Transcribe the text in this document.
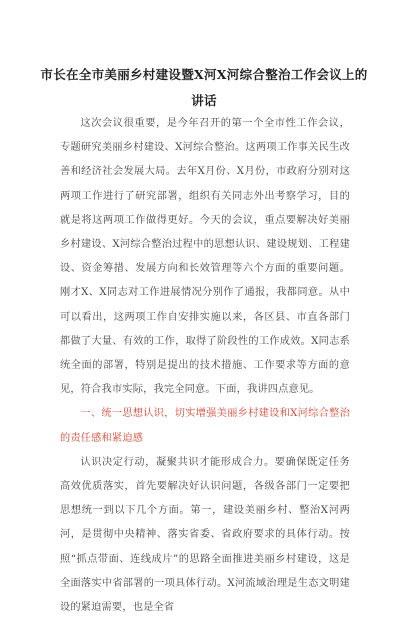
市长在全市美丽乡村建设暨X河X河综合整治工作会议上的
讲话

这次会议很重要，是今年召开的第一个全市性工作会议，专题研究美丽乡村建设、X河综合整治。这两项工作事关民生改善和经济社会发展大局。去年X月份、X月份，市政府分别对这两项工作进行了研究部署，组织有关同志外出考察学习，目的就是将这两项工作做得更好。今天的会议，重点要解决好美丽乡村建设、X河综合整治过程中的思想认识、建设规划、工程建设、资金筹措、发展方向和长效管理等六个方面的重要问题。刚才X、X同志对工作进展情况分别作了通报，我都同意。从中可以看出，这两项工作自安排实施以来，各区县、市直各部门都做了大量、有效的工作，取得了阶段性的工作成效。X同志系统全面的部署，特别是提出的技术措施、工作要求等方面的意见，符合我市实际，我完全同意。下面，我讲四点意见。

一、统一思想认识，切实增强美丽乡村建设和X河综合整治的责任感和紧迫感

认识决定行动，凝聚共识才能形成合力。要确保既定任务高效优质落实，首先要解决好认识问题，各级各部门一定要把思想统一到以下几个方面。第一，建设美丽乡村、整治X河两河，是贯彻中央精神、落实省委、省政府要求的具体行动。按照“抓点带面、连线成片”的思路全面推进美丽乡村建设，这是全面落实中省部署的一项具体行动。X河流域治理是生态文明建设的紧迫需要，也是全省
